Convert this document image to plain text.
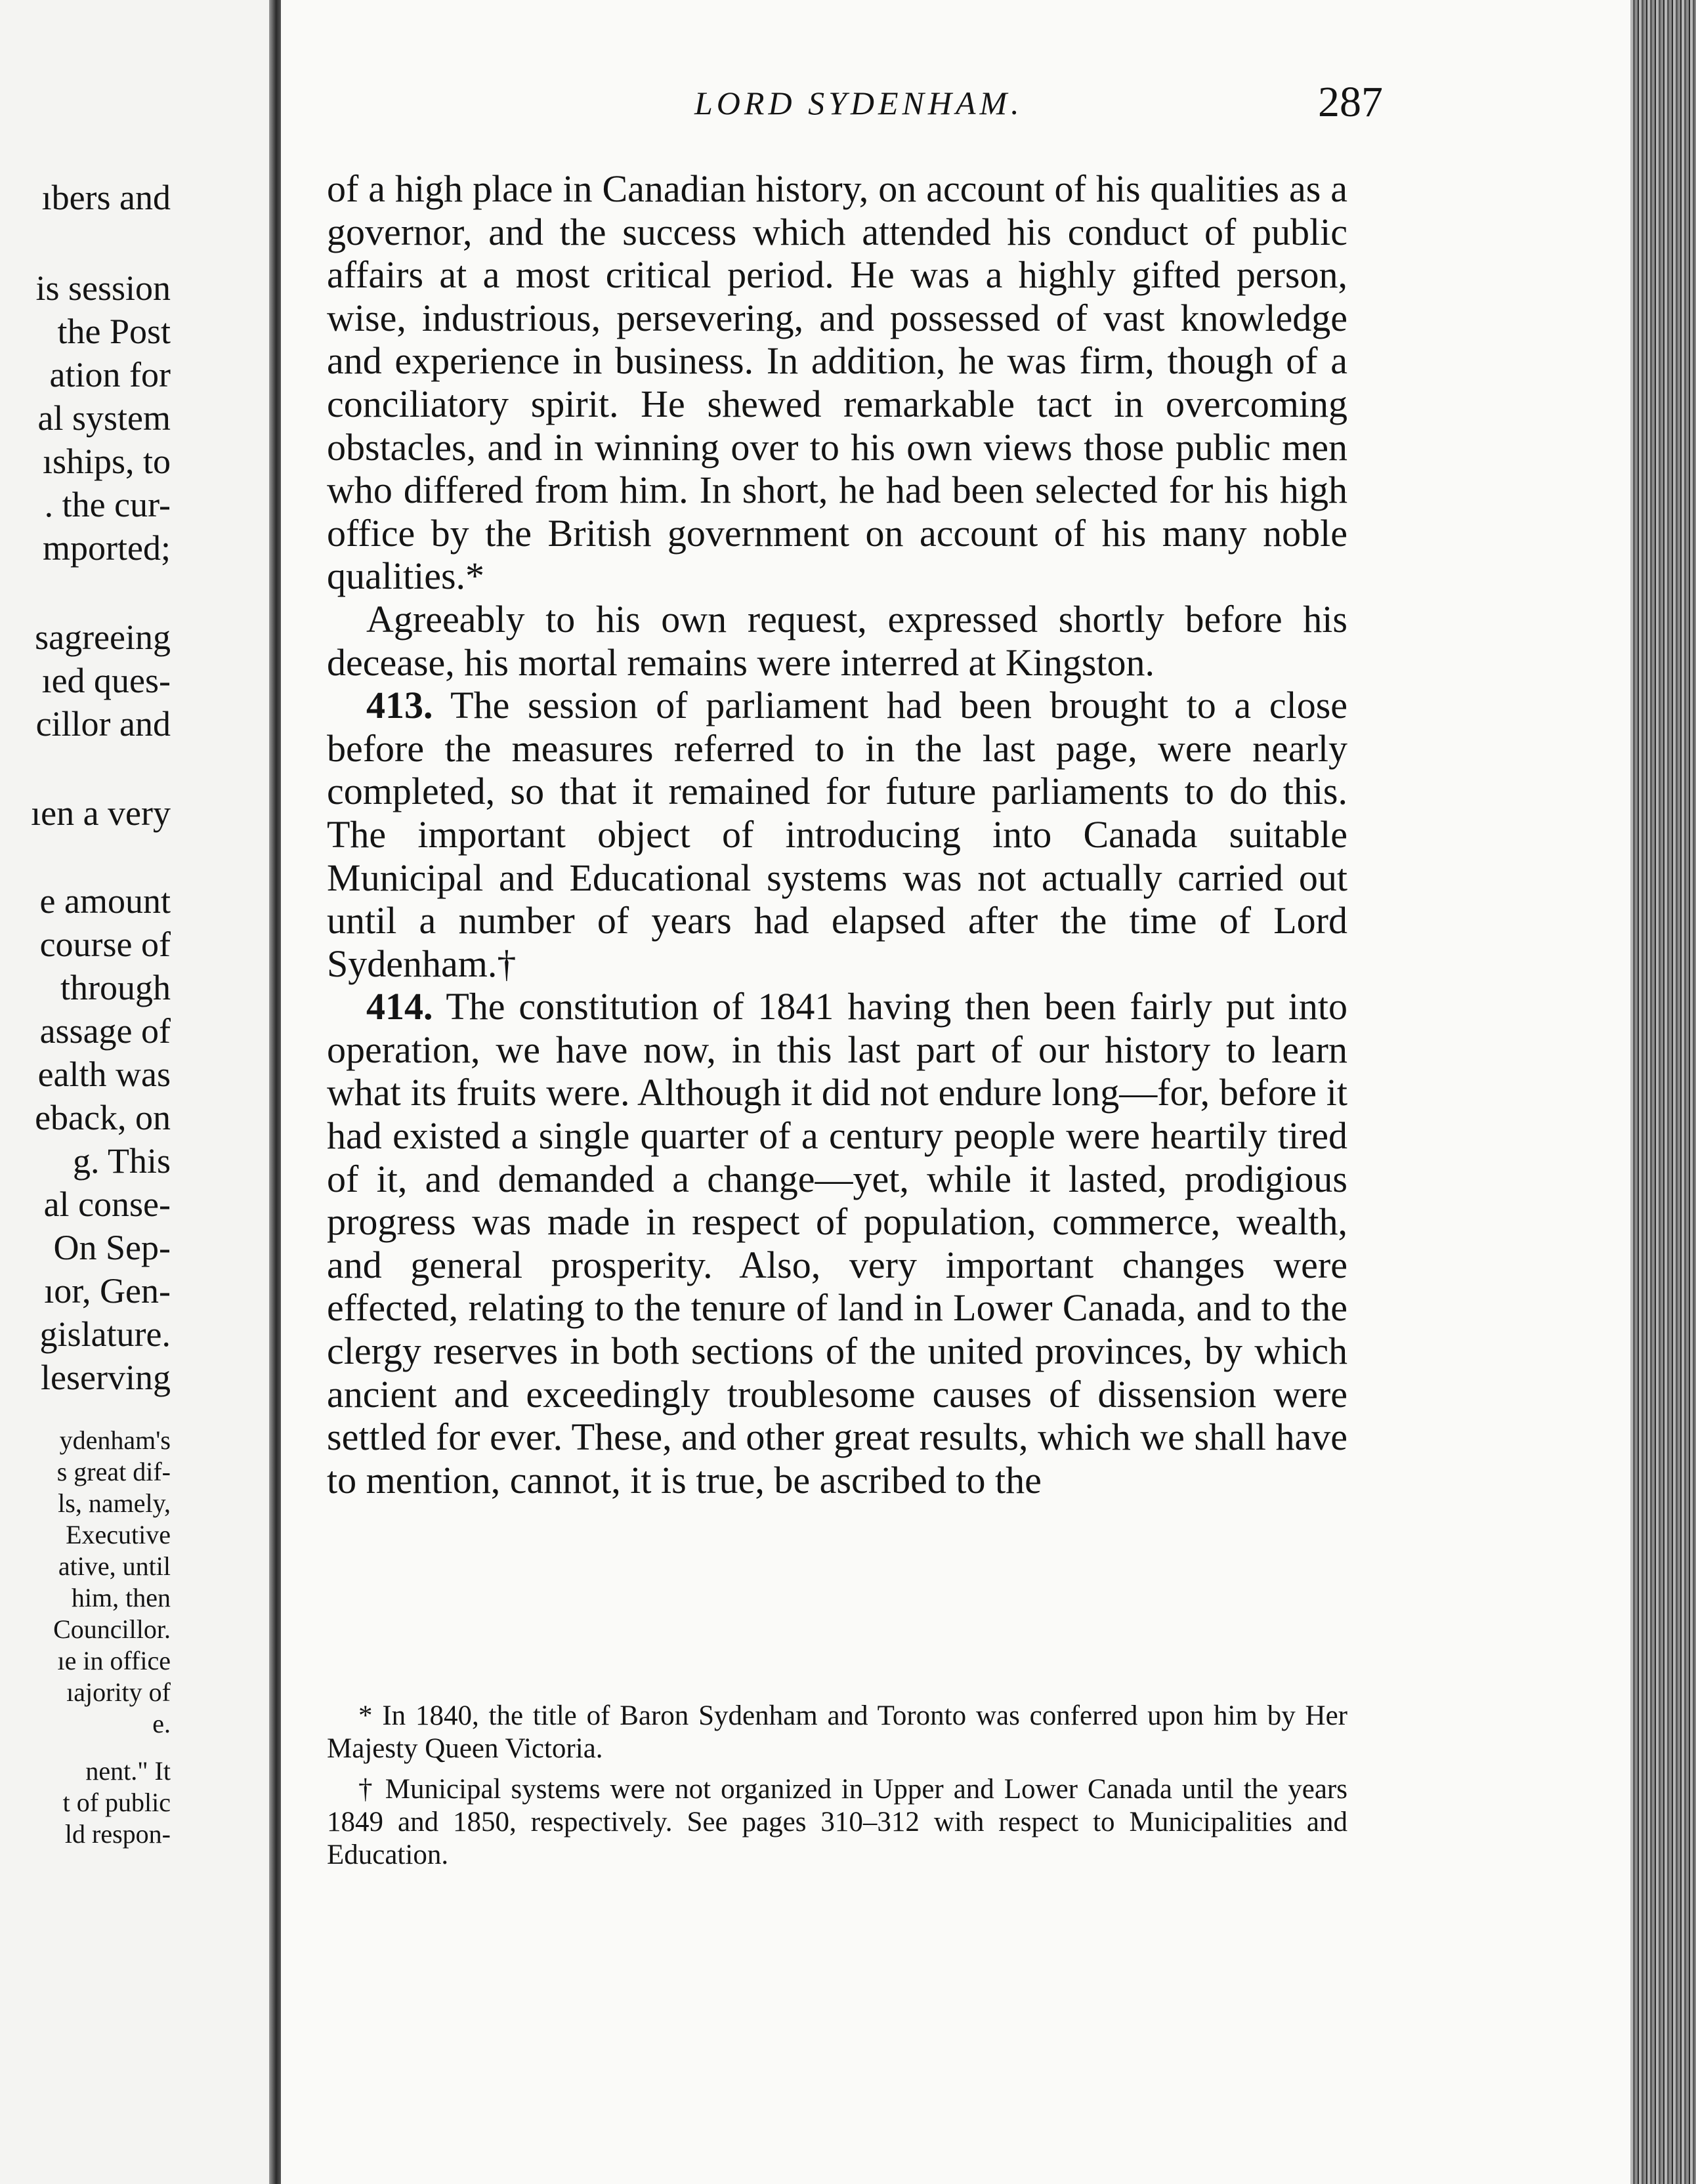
ıbers and
is session
the Post
ation for
al system
ıships, to
. the cur-
mported;
sagreeing
ıed ques-
cillor and
ıen a very
e amount
course of
through
assage of
ealth was
eback, on
g. This
al conse-
On Sep-
ıor, Gen-
gislature.
leserving
ydenham's
s great dif-
ls, namely,
Executive
ative, until
him, then
Councillor.
ıe in office
ıajority of
e.
nent." It
t of public
ld respon-
LORD SYDENHAM.	287

of a high place in Canadian history, on account of his qualities as a governor, and the success which attended his conduct of public affairs at a most critical period. He was a highly gifted person, wise, industrious, persevering, and possessed of vast knowledge and experience in business. In addition, he was firm, though of a conciliatory spirit. He shewed remarkable tact in overcoming obstacles, and in winning over to his own views those public men who differed from him. In short, he had been selected for his high office by the British government on account of his many noble qualities.*

Agreeably to his own request, expressed shortly before his decease, his mortal remains were interred at Kingston.

413. The session of parliament had been brought to a close before the measures referred to in the last page, were nearly completed, so that it remained for future parliaments to do this. The important object of introducing into Canada suitable Municipal and Educational systems was not actually carried out until a number of years had elapsed after the time of Lord Sydenham.†

414. The constitution of 1841 having then been fairly put into operation, we have now, in this last part of our history to learn what its fruits were. Although it did not endure long—for, before it had existed a single quarter of a century people were heartily tired of it, and demanded a change—yet, while it lasted, prodigious progress was made in respect of population, commerce, wealth, and general prosperity. Also, very important changes were effected, relating to the tenure of land in Lower Canada, and to the clergy reserves in both sections of the united provinces, by which ancient and exceedingly troublesome causes of dissension were settled for ever. These, and other great results, which we shall have to mention, cannot, it is true, be ascribed to the

* In 1840, the title of Baron Sydenham and Toronto was conferred upon him by Her Majesty Queen Victoria.

† Municipal systems were not organized in Upper and Lower Canada until the years 1849 and 1850, respectively. See pages 310–312 with respect to Municipalities and Education.
